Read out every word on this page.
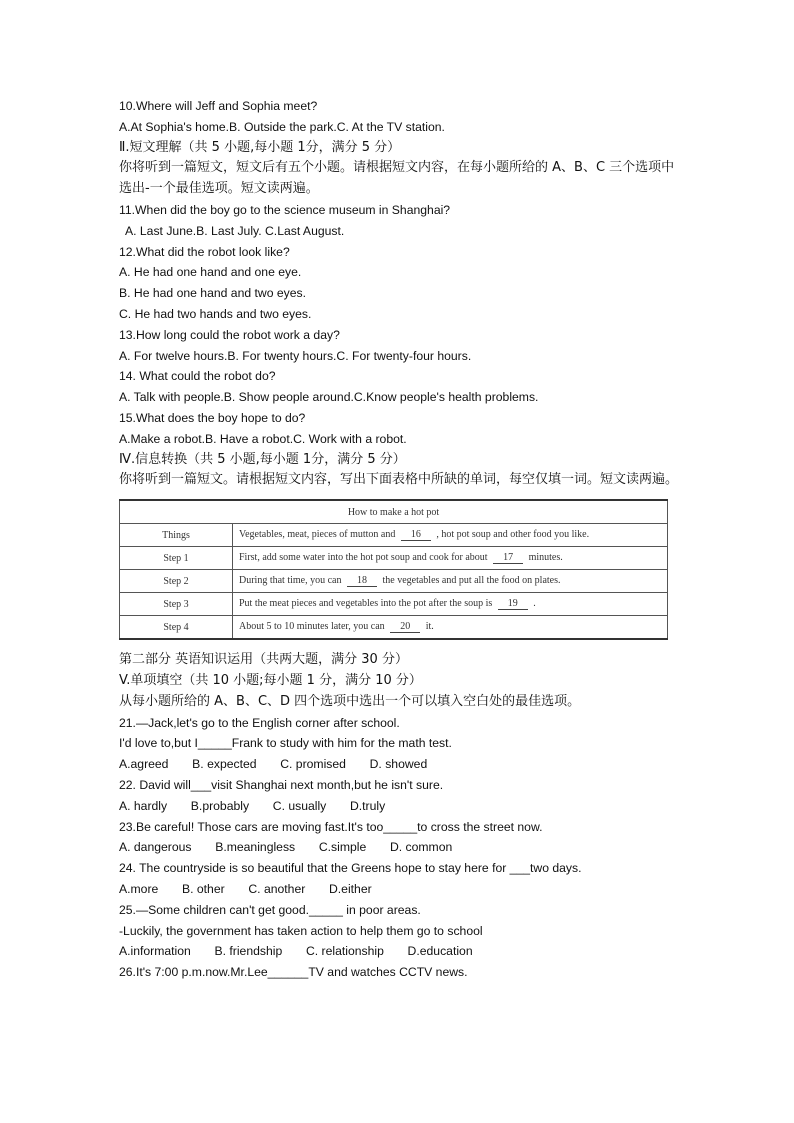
10.Where will Jeff and Sophia meet?
A.At Sophia's home.B. Outside the park.C. At the TV station.
Ⅱ.短文理解（共 5 小题,每小题 1分，满分 5 分）
你将听到一篇短文，短文后有五个小题。请根据短文内容，在每小题所给的 A、B、C 三个选项中选出-一个最佳选项。短文读两遍。
11.When did the boy go to the science museum in Shanghai?
A. Last June.B. Last July. C.Last August.
12.What did the robot look like?
A. He had one hand and one eye.
B. He had one hand and two eyes.
C. He had two hands and two eyes.
13.How long could the robot work a day?
A. For twelve hours.B. For twenty hours.C. For twenty-four hours.
14. What could the robot do?
A. Talk with people.B. Show people around.C.Know people's health problems.
15.What does the boy hope to do?
A.Make a robot.B. Have a robot.C. Work with a robot.
Ⅳ.信息转换（共 5 小题,每小题 1分，满分 5 分）
你将听到一篇短文。请根据短文内容，写出下面表格中所缺的单词，每空仅填一词。短文读两遍。
How to make a hot pot	
Things	Vegetables, meat, pieces of mutton and 16 , hot pot soup and other food you like.
Step 1	First, add some water into the hot pot soup and cook for about 17 minutes.
Step 2	During that time, you can 18 the vegetables and put all the food on plates.
Step 3	Put the meat pieces and vegetables into the pot after the soup is 19 .
Step 4	About 5 to 10 minutes later, you can 20 it.
第二部分 英语知识运用（共两大题，满分 30 分）
V.单项填空（共 10 小题;每小题 1 分，满分 10 分）
从每小题所给的 A、B、C、D 四个选项中选出一个可以填入空白处的最佳选项。
21.—Jack,let's go to the English corner after school.
I'd love to,but I_____Frank to study with him for the math test.
A.agreed       B. expected       C. promised       D. showed
22. David will___visit Shanghai next month,but he isn't sure.
A. hardly       B.probably       C. usually       D.truly
23.Be careful! Those cars are moving fast.It's too_____to cross the street now.
A. dangerous       B.meaningless       C.simple       D. common
24. The countryside is so beautiful that the Greens hope to stay here for ___two days.
A.more       B. other       C. another       D.either
25.—Some children can't get good._____ in poor areas.
-Luckily, the government has taken action to help them go to school
A.information       B. friendship       C. relationship       D.education
26.It's 7:00 p.m.now.Mr.Lee______TV and watches CCTV news.
